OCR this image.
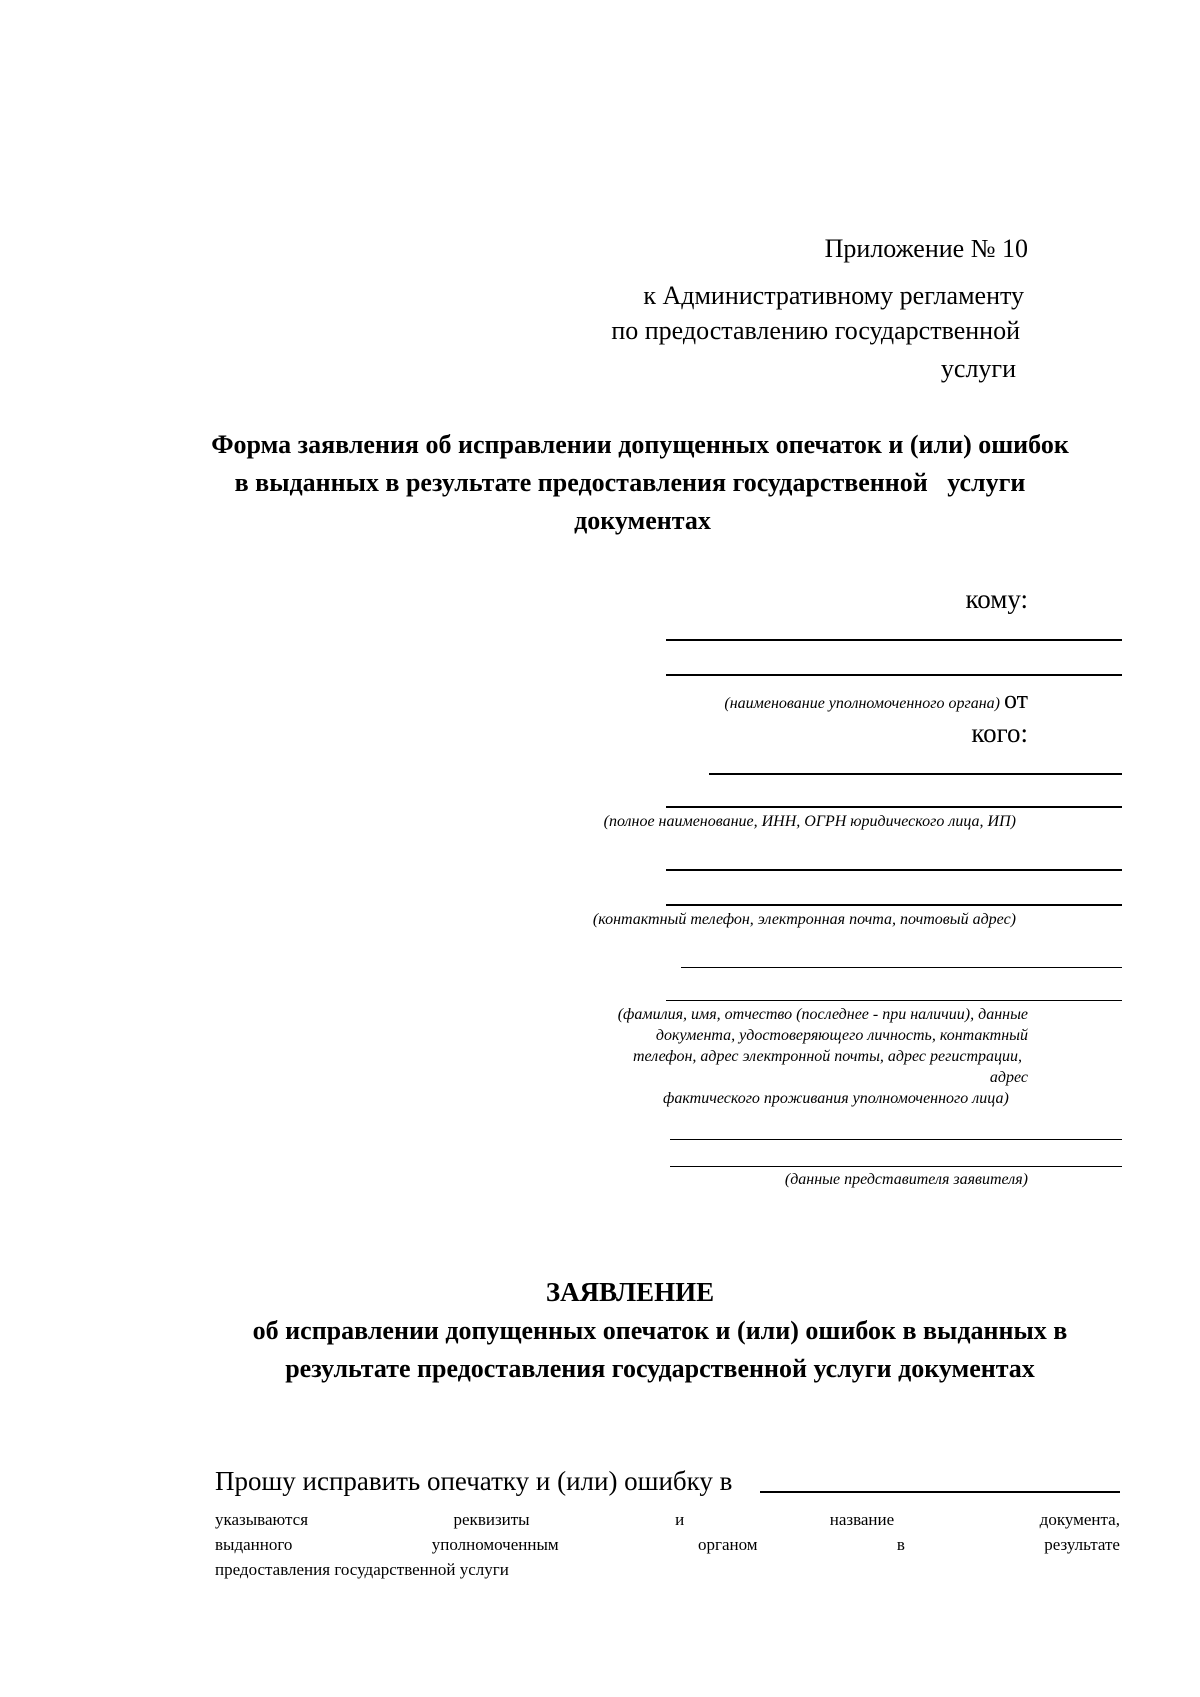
Приложение № 10
к Административному регламенту
по предоставлению государственной
услуги
Форма заявления об исправлении допущенных опечаток и (или) ошибок
в выданных в результате предоставления государственной   услуги
документах
кому:
(наименование уполномоченного органа) от
кого:
(полное наименование, ИНН, ОГРН юридического лица, ИП)
(контактный телефон, электронная почта, почтовый адрес)
(фамилия, имя, отчество (последнее - при наличии), данные
документа, удостоверяющего личность, контактный
телефон, адрес электронной почты, адрес регистрации,
адрес
фактического проживания уполномоченного лица)
(данные представителя заявителя)
ЗАЯВЛЕНИЕ
об исправлении допущенных опечаток и (или) ошибок в выданных в
результате предоставления государственной услуги документах
Прошу исправить опечатку и (или) ошибку в
указываются	реквизиты	и	название	документа,
выданного	уполномоченным	органом	в	результате
предоставления государственной услуги
